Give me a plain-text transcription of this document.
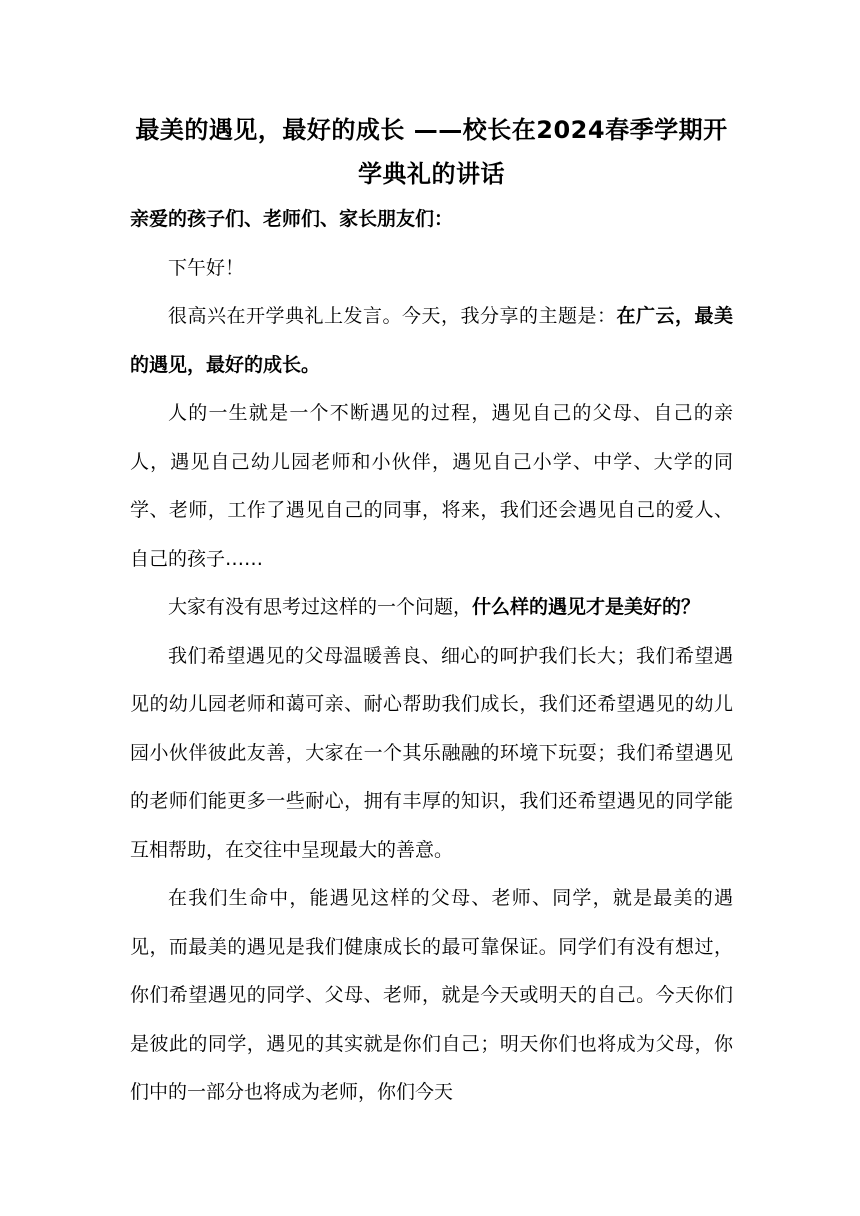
最美的遇见，最好的成长 ——校长在2024春季学期开学典礼的讲话

亲爱的孩子们、老师们、家长朋友们：

下午好！

很高兴在开学典礼上发言。今天，我分享的主题是：在广云，最美的遇见，最好的成长。

人的一生就是一个不断遇见的过程，遇见自己的父母、自己的亲人，遇见自己幼儿园老师和小伙伴，遇见自己小学、中学、大学的同学、老师，工作了遇见自己的同事，将来，我们还会遇见自己的爱人、自己的孩子……

大家有没有思考过这样的一个问题，什么样的遇见才是美好的？

我们希望遇见的父母温暖善良、细心的呵护我们长大；我们希望遇见的幼儿园老师和蔼可亲、耐心帮助我们成长，我们还希望遇见的幼儿园小伙伴彼此友善，大家在一个其乐融融的环境下玩耍；我们希望遇见的老师们能更多一些耐心，拥有丰厚的知识，我们还希望遇见的同学能互相帮助，在交往中呈现最大的善意。

在我们生命中，能遇见这样的父母、老师、同学，就是最美的遇见，而最美的遇见是我们健康成长的最可靠保证。同学们有没有想过，你们希望遇见的同学、父母、老师，就是今天或明天的自己。今天你们是彼此的同学，遇见的其实就是你们自己；明天你们也将成为父母，你们中的一部分也将成为老师，你们今天
